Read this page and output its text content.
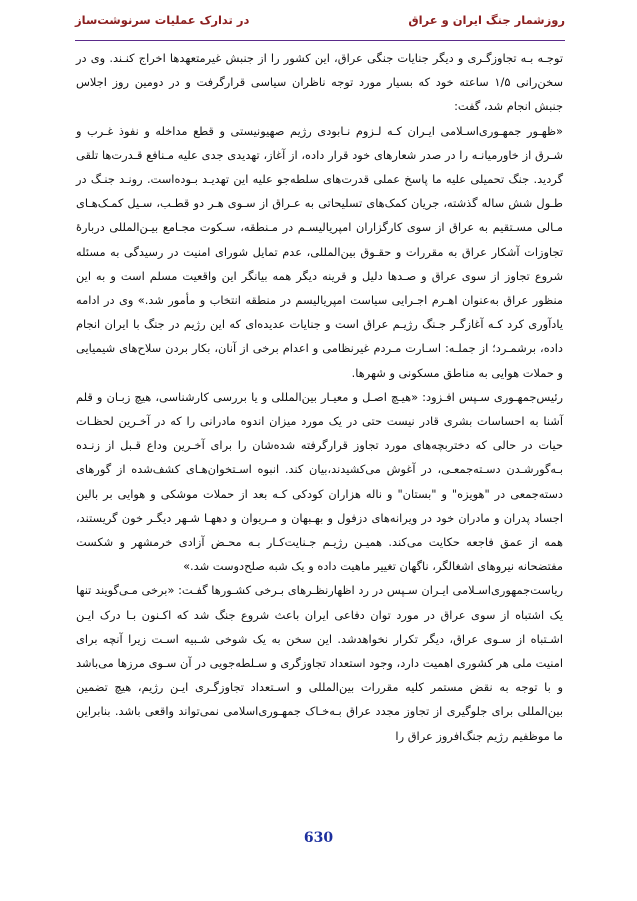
روزشمار جنگ ایران و عراق
در تدارک عملیات سرنوشت‌ساز

توجـه بـه تجاوزگـری و دیگر جنایات جنگی عراق، این کشور را از جنبش غیرمتعهدها اخراج کنـند. وی در سخن‌رانی ۱/۵ ساعته خود که بسیار مورد توجه ناظران سیاسی قرارگرفت و در دومین روز اجلاس جنبش انجام شد، گفت:

«ظهـور جمهـوری‌اسـلامی ایـران کـه لـزوم نـابودی رژیم صهیونیستی و قطع مداخله و نفوذ غـرب و شـرق از خاورمیانـه را در صدر شعارهای خود قرار داده، از آغاز، تهدیدی جدی علیه مـنافع قـدرت‌ها تلقی گردید. جنگ تحمیلی علیه ما پاسخ عملی قدرت‌های سلطه‌جو علیه این تهدیـد بـوده‌است. رونـد جنـگ در طـول شش ساله گذشته، جریان کمک‌های تسلیحاتی به عـراق از سـوی هـر دو قطـب، سـیل کمـک‌هـای مـالی مسـتقیم به عراق از سوی کارگزاران امپریالیسـم در مـنطقه، سـکوت مجـامع بیـن‌المللی دربارهٔ تجاوزات آشکار عراق به مقررات و حقـوق بین‌المللی، عدم تمایل شورای امنیت در رسیدگی به مسئله شروع تجاوز از سوی عراق و صـدها دلیل و قرینه دیگر همه بیانگر این واقعیت مسلم است و به این منظور عراق به‌عنوان اهـرم اجـرایی سیاست امپریالیسم در منطقه انتخاب و مأمور شد.» وی در ادامه یادآوری کرد کـه آغازگـر جـنگ رژیـم عراق است و جنایات عدیده‌ای که این رژیم در جنگ با ایران انجام داده، برشمـرد؛ از جملـه: اسـارت مـردم غیرنظامی و اعدام برخی از آنان، بکار بردن سلاح‌های شیمیایی و حملات هوایی به مناطق مسکونی و شهرها.

رئیس‌جمهـوری سـپس افـزود: «هیـچ اصـل و معیـار بین‌المللی و یا بررسی کارشناسی، هیچ زبـان و قلم آشنا به احساسات بشری قادر نیست حتی در یک مورد میزان اندوه مادرانی را که در آخـرین لحظـات حیات در حالی که دختربچه‌های مورد تجاوز قرارگرفته شده‌شان را برای آخـرین وداع قـبل از زنـده بـه‌گورشـدن دسـته‌جمعـی، در آغوش می‌کشیدند،بیان کند. انبوه اسـتخوان‌هـای کشف‌شده از گورهای دسته‌جمعی در "هویزه" و "بستان" و ناله هزاران کودکی کـه بعد از حملات موشکی و هوایی بر بالین اجساد پدران و مادران خود در ویرانه‌های دزفول و بهـبهان و مـریوان و دههـا شـهر دیگـر خون گریستند، همه از عمق فاجعه حکایت می‌کند. همیـن رژیـم جـنایت‌کـار بـه محـض آزادی خرمشهر و شکست مفتضحانه نیروهای اشغالگر، ناگهان تغییر ماهیت داده و یک شبه صلح‌دوست شد.»

ریاست‌جمهوری‌اسـلامی ایـران سـپس در رد اظهارنظـرهای بـرخی کشـورها گفـت: «برخی مـی‌گویند تنها یک اشتباه از سوی عراق در مورد توان دفاعی ایران باعث شروع جنگ شد که اکـنون بـا درک ایـن اشـتباه از سـوی عراق، دیگر تکرار نخواهدشد. این سخن به یک شوخی شـبیه اسـت زیرا آنچه برای امنیت ملی هر کشوری اهمیت دارد، وجود استعداد تجاوزگری و سـلطه‌جویی در آن سـوی مرزها می‌باشد و با توجه به نقض مستمر کلیه مقررات بین‌المللی و اسـتعداد تجاوزگـری ایـن رژیم، هیچ تضمین بین‌المللی برای جلوگیری از تجاوز مجدد عراق بـه‌خـاک جمهـوری‌اسلامی نمی‌تواند واقعی باشد. بنابراین ما موظفیم رژیم جنگ‌افروز عراق را

630
